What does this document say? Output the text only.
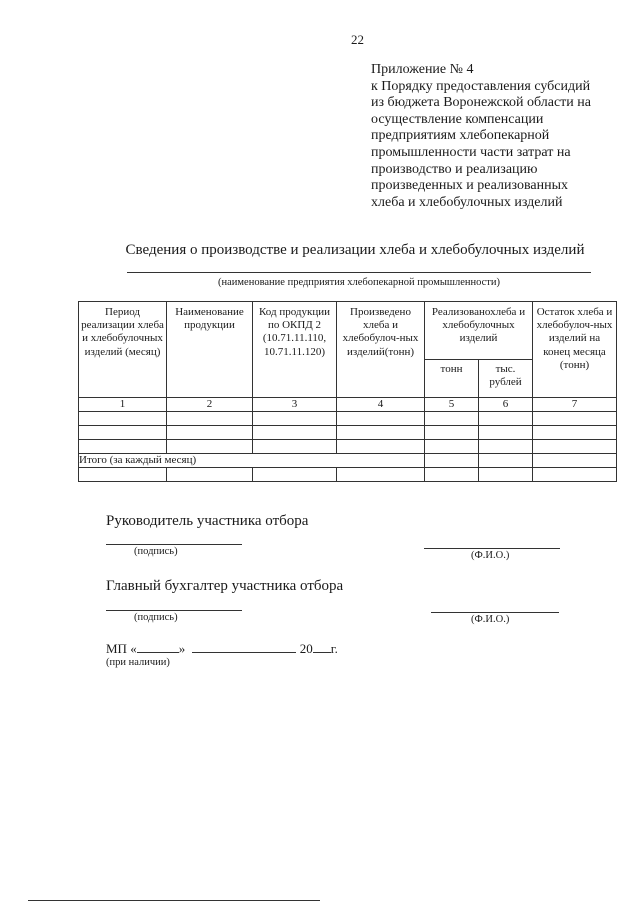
22
Приложение № 4
к Порядку предоставления субсидий
из бюджета Воронежской области на
осуществление компенсации
предприятиям хлебопекарной
промышленности части затрат на
производство и реализацию
произведенных и реализованных
хлеба и хлебобулочных изделий
Сведения о производстве и реализации хлеба и хлебобулочных изделий
(наименование предприятия хлебопекарной промышленности)
Период реализации хлеба и хлебобулочных изделий (месяц)	Наименование продукции	Код продукции по ОКПД 2 (10.71.11.110, 10.71.11.120)	Произведено хлеба и хлебобулоч-ных изделий(тонн)	Реализованохлеба и хлебобулочных изделий		Остаток хлеба и хлебобулоч-ных изделий на конец месяца (тонн)
				тонн	тыс. рублей	
1	2	3	4	5	6	7

Итого (за каждый месяц)						

Руководитель участника отбора
(подпись)	(Ф.И.О.)
Главный бухгалтер участника отбора
(подпись)	(Ф.И.О.)
МП «	»	20 г.
(при наличии)
